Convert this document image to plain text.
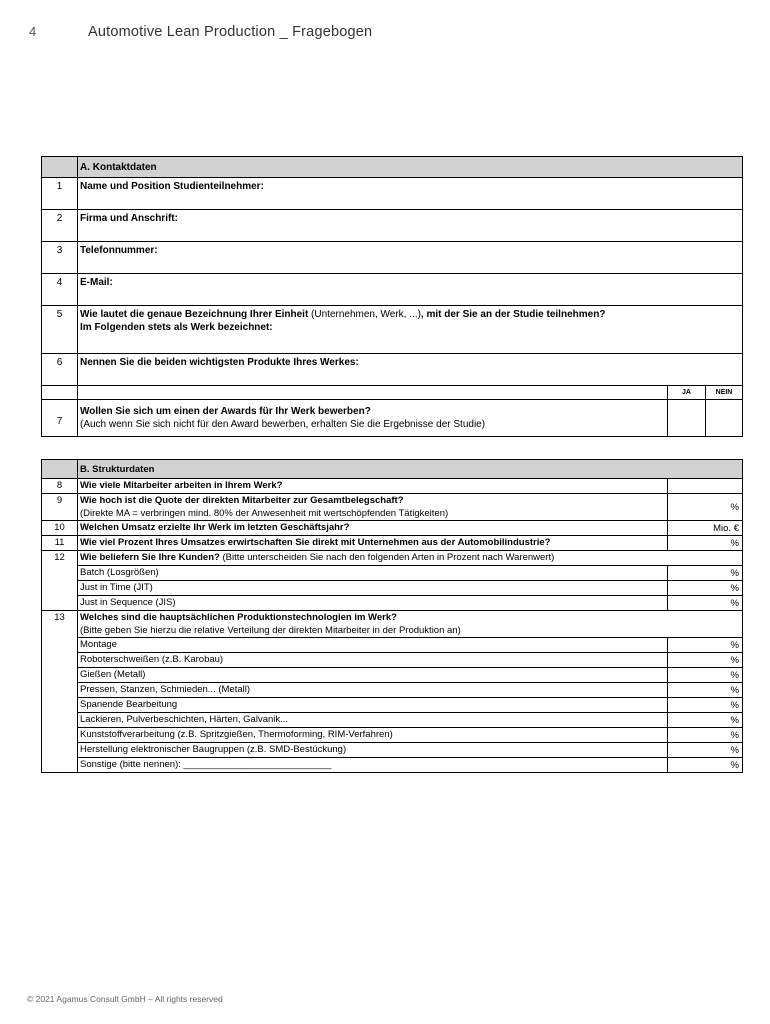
4	Automotive Lean Production _ Fragebogen
	A. Kontaktdaten		
1	Name und Position Studienteilnehmer:		
2	Firma und Anschrift:		
3	Telefonnummer:		
4	E-Mail:		
5	Wie lautet die genaue Bezeichnung Ihrer Einheit (Unternehmen, Werk, ...), mit der Sie an der Studie teilnehmen? Im Folgenden stets als Werk bezeichnet:		
6	Nennen Sie die beiden wichtigsten Produkte Ihres Werkes:		
		JA	NEIN
7	Wollen Sie sich um einen der Awards für Ihr Werk bewerben?
(Auch wenn Sie sich nicht für den Award bewerben, erhalten Sie die Ergebnisse der Studie)		

	B. Strukturdaten	
8	Wie viele Mitarbeiter arbeiten in Ihrem Werk?	
9	Wie hoch ist die Quote der direkten Mitarbeiter zur Gesamtbelegschaft?
(Direkte MA = verbringen mind. 80% der Anwesenheit mit wertschöpfenden Tätigkeiten)	%
10	Welchen Umsatz erzielte Ihr Werk im letzten Geschäftsjahr?	Mio. €
11	Wie viel Prozent Ihres Umsatzes erwirtschaften Sie direkt mit Unternehmen aus der Automobilindustrie?	%
12	Wie beliefern Sie Ihre Kunden? (Bitte unterscheiden Sie nach den folgenden Arten in Prozent nach Warenwert)	
	Batch (Losgrößen)	%
	Just in Time (JIT)	%
	Just in Sequence (JIS)	%
13	Welches sind die hauptsächlichen Produktionstechnologien im Werk?
(Bitte geben Sie hierzu die relative Verteilung der direkten Mitarbeiter in der Produktion an)	

	Montage	%
	Roboterschweißen (z.B. Karobau)	%
	Gießen (Metall)	%
	Pressen, Stanzen, Schmieden... (Metall)	%
	Spanende Bearbeitung	%
	Lackieren, Pulverbeschichten, Härten, Galvanik...	%
	Kunststoffverarbeitung (z.B. Spritzgießen, Thermoforming, RIM-Verfahren)	%
	Herstellung elektronischer Baugruppen (z.B. SMD-Bestückung)	%
	Sonstige (bitte nennen): ____________________________	%
© 2021 Agamus Consult GmbH – All rights reserved
